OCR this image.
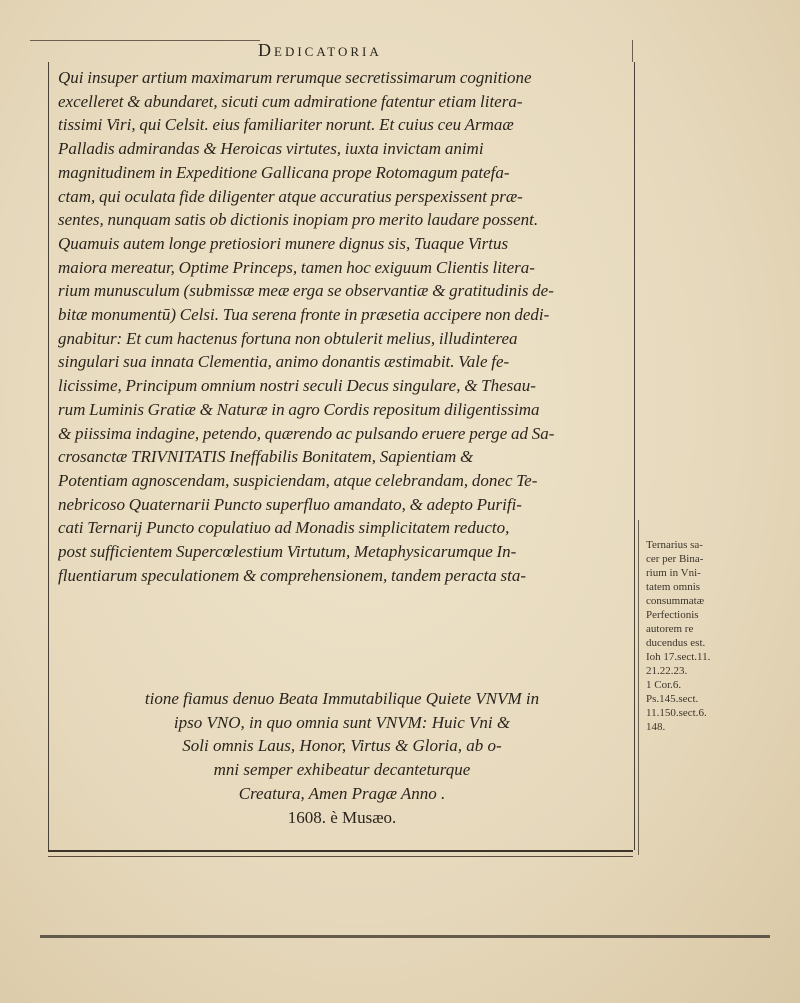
Dedicatoria
Qui insuper artium maximarum rerumque secretissimarum cognitione
excelleret & abundaret, sicuti cum admiratione fatentur etiam litera-
tissimi Viri, qui Celsit. eius familiariter norunt. Et cuius ceu Armaæ
Palladis admirandas & Heroicas virtutes, iuxta invictam animi
magnitudinem in Expeditione Gallicana prope Rotomagum patefa-
ctam, qui oculata fide diligenter atque accuratius perspexissent præ-
sentes, nunquam satis ob dictionis inopiam pro merito laudare possent.
Quamuis autem longe pretiosiori munere dignus sis, Tuaque Virtus
maiora mereatur, Optime Princeps, tamen hoc exiguum Clientis litera-
rium munusculum (submissæ meæ erga se observantiæ & gratitudinis de-
bitæ monumentū) Celsi. Tua serena fronte in præsetia accipere non dedi-
gnabitur: Et cum hactenus fortuna non obtulerit melius, illudinterea
singulari sua innata Clementia, animo donantis æstimabit. Vale fe-
licissime, Principum omnium nostri seculi Decus singulare, & Thesau-
rum Luminis Gratiæ & Naturæ in agro Cordis repositum diligentissima
& piissima indagine, petendo, quærendo ac pulsando eruere perge ad Sa-
crosanctæ TRIVNITATIS Ineffabilis Bonitatem, Sapientiam &
Potentiam agnoscendam, suspiciendam, atque celebrandam, donec Te-
nebricoso Quaternarii Puncto superfluo amandato, & adepto Purifi-
cati Ternarij Puncto copulatiuo ad Monadis simplicitatem reducto,
post sufficientem Supercœlestium Virtutum, Metaphysicarumque In-
fluentiarum speculationem & comprehensionem, tandem peracta sta-
tione fiamus denuo Beata Immutabilique Quiete VNVM in
ipso VNO, in quo omnia sunt VNVM: Huic Vni &
Soli omnis Laus, Honor, Virtus & Gloria, ab o-
mni semper exhibeatur decanteturque
Creatura, Amen Pragæ Anno .
1608. è Musæo.
Ternarius sa-
cer per Bina-
rium in Vni-
tatem omnis
consummatæ
Perfectionis
autorem re
ducendus est.
Ioh 17.sect.11.
21.22.23.
1 Cor.6.
Ps.145.sect.
11.150.sect.6.
148.
